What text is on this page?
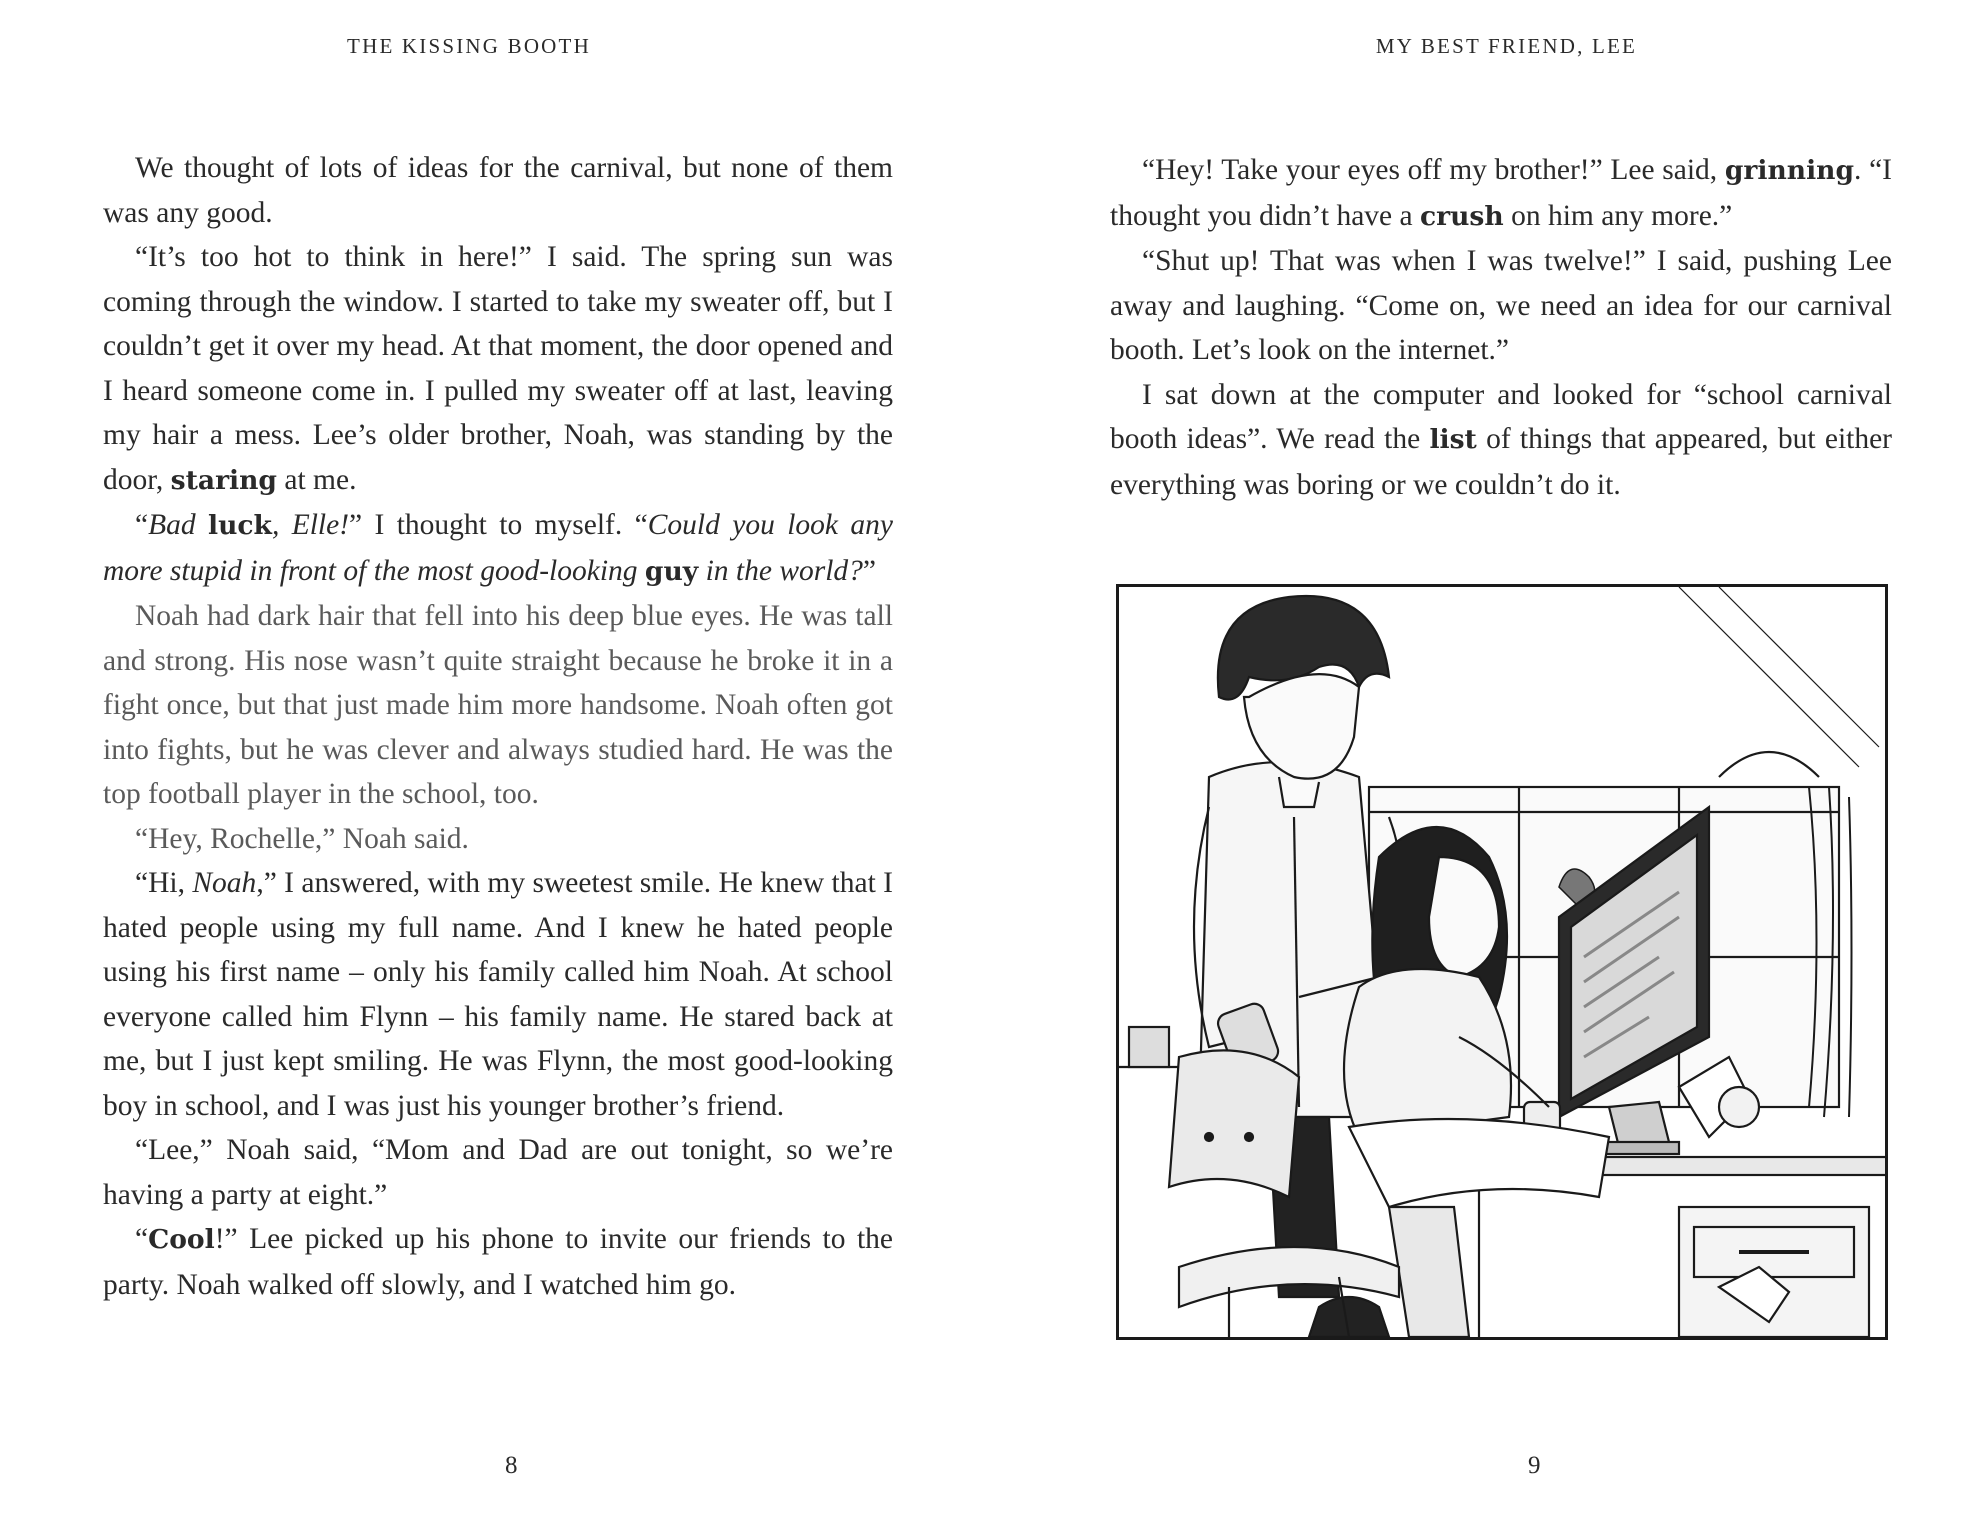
THE KISSING BOOTH

We thought of lots of ideas for the carnival, but none of them was any good.

“It’s too hot to think in here!” I said. The spring sun was coming through the window. I started to take my sweater off, but I couldn’t get it over my head. At that moment, the door opened and I heard someone come in. I pulled my sweater off at last, leaving my hair a mess. Lee’s older brother, Noah, was standing by the door, staring at me.

“Bad luck, Elle!” I thought to myself. “Could you look any more stupid in front of the most good-looking guy in the world?”

Noah had dark hair that fell into his deep blue eyes. He was tall and strong. His nose wasn’t quite straight because he broke it in a fight once, but that just made him more handsome. Noah often got into fights, but he was clever and always studied hard. He was the top football player in the school, too.

“Hey, Rochelle,” Noah said.

“Hi, Noah,” I answered, with my sweetest smile. He knew that I hated people using my full name. And I knew he hated people using his first name – only his family called him Noah. At school everyone called him Flynn – his family name. He stared back at me, but I just kept smiling. He was Flynn, the most good-looking boy in school, and I was just his younger brother’s friend.

“Lee,” Noah said, “Mom and Dad are out tonight, so we’re having a party at eight.”

“Cool!” Lee picked up his phone to invite our friends to the party. Noah walked off slowly, and I watched him go.

8
MY BEST FRIEND, LEE

“Hey! Take your eyes off my brother!” Lee said, grinning. “I thought you didn’t have a crush on him any more.”

“Shut up! That was when I was twelve!” I said, pushing Lee away and laughing. “Come on, we need an idea for our carnival booth. Let’s look on the internet.”

I sat down at the computer and looked for “school carnival booth ideas”. We read the list of things that appeared, but either everything was boring or we couldn’t do it.

9
